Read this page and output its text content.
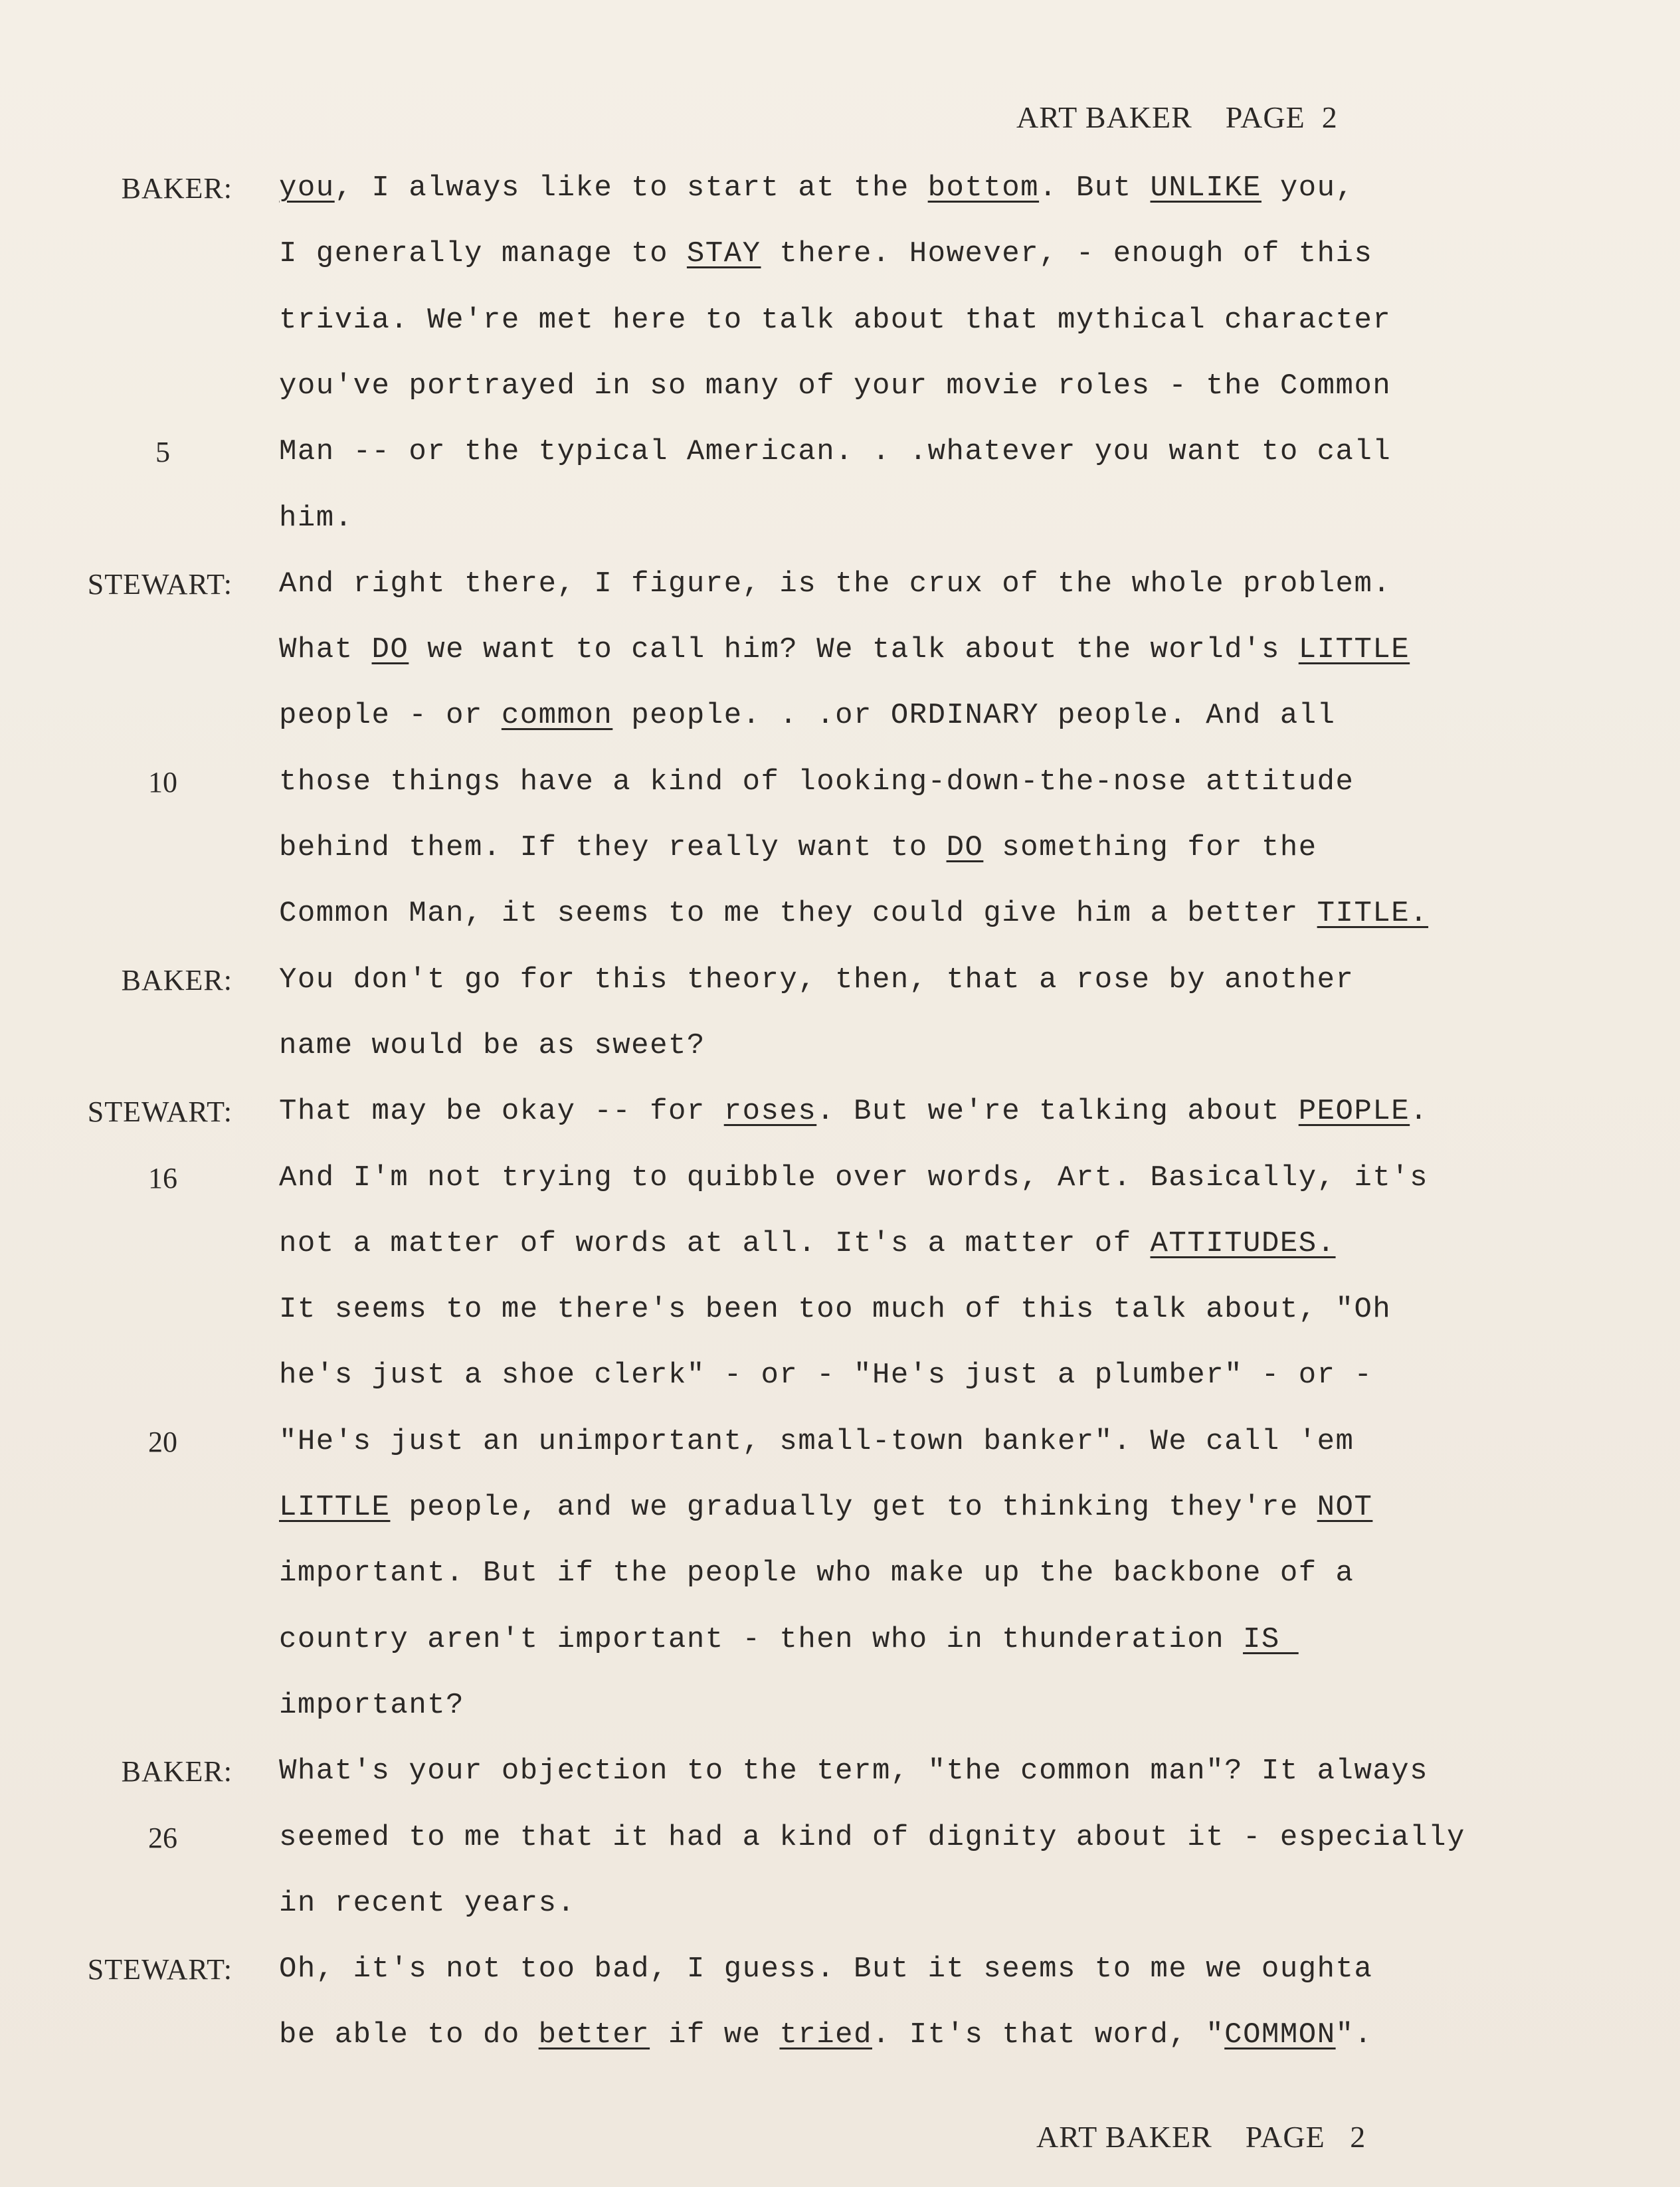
ART BAKER    PAGE  2
BAKER: you, I always like to start at the bottom. But UNLIKE you,
I generally manage to STAY there. However, - enough of this
trivia. We're met here to talk about that mythical character
you've portrayed in so many of your movie roles - the Common
5	Man -- or the typical American. . .whatever you want to call
him.
STEWART: And right there, I figure, is the crux of the whole problem.
What DO we want to call him? We talk about the world's LITTLE
people - or common people. . .or ORDINARY people. And all
10	those things have a kind of looking-down-the-nose attitude
behind them. If they really want to DO something for the
Common Man, it seems to me they could give him a better TITLE.
BAKER: You don't go for this theory, then, that a rose by another
name would be as sweet?
STEWART: That may be okay -- for roses. But we're talking about PEOPLE.
16	And I'm not trying to quibble over words, Art. Basically, it's
not a matter of words at all. It's a matter of ATTITUDES.
It seems to me there's been too much of this talk about, "Oh
he's just a shoe clerk" - or - "He's just a plumber" - or -
20	"He's just an unimportant, small-town banker". We call 'em
LITTLE people, and we gradually get to thinking they're NOT
important. But if the people who make up the backbone of a
country aren't important - then who in thunderation IS
important?
BAKER: What's your objection to the term, "the common man"? It always
26	seemed to me that it had a kind of dignity about it - especially
in recent years.
STEWART: Oh, it's not too bad, I guess. But it seems to me we oughta
be able to do better if we tried. It's that word, "COMMON".
ART BAKER    PAGE   2
